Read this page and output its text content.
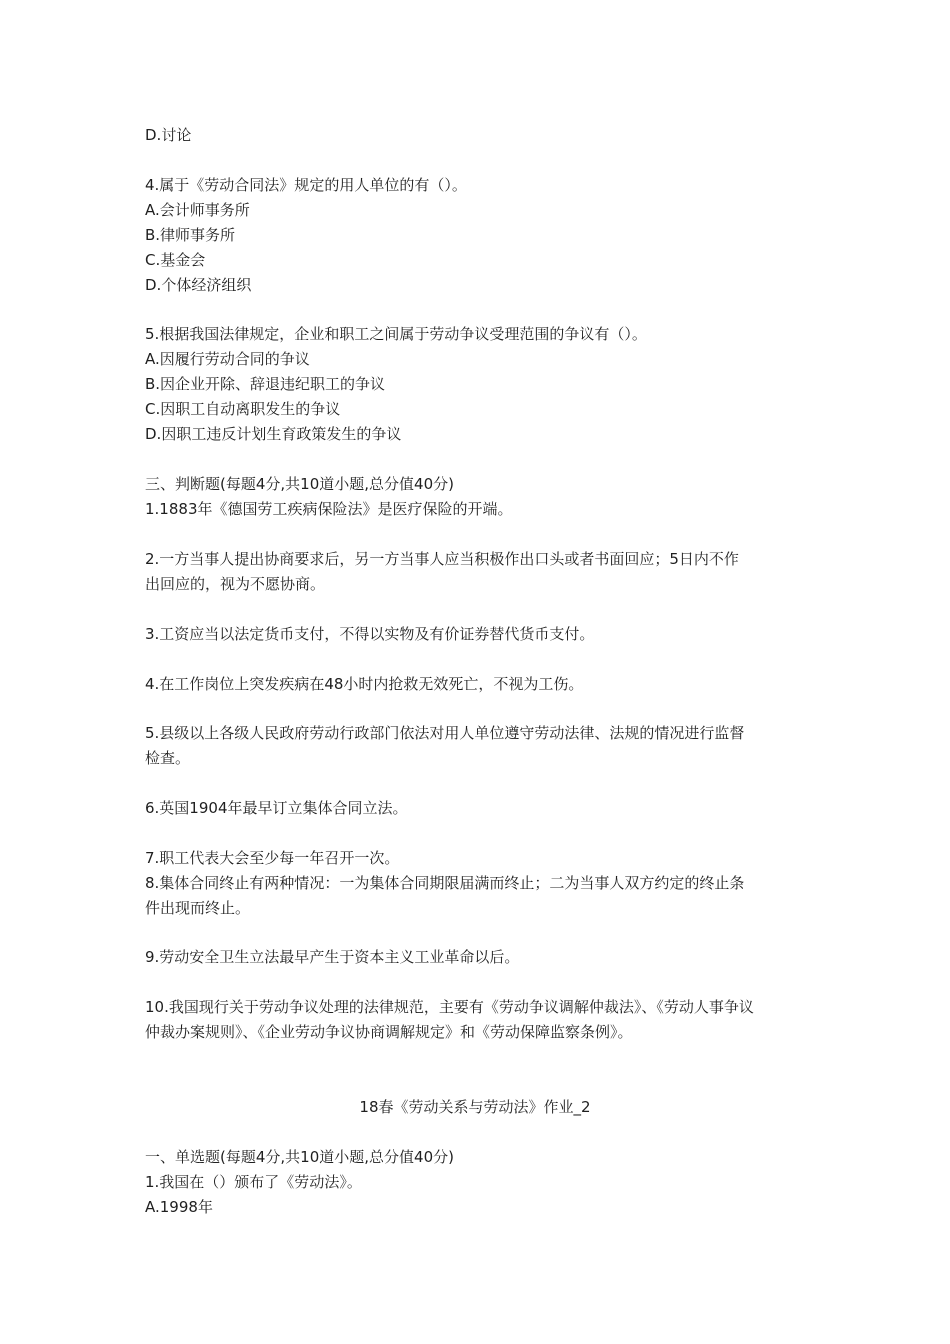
D.讨论
4.属于《劳动合同法》规定的用人单位的有（）。
A.会计师事务所
B.律师事务所
C.基金会
D.个体经济组织
5.根据我国法律规定，企业和职工之间属于劳动争议受理范围的争议有（）。
A.因履行劳动合同的争议
B.因企业开除、辞退违纪职工的争议
C.因职工自动离职发生的争议
D.因职工违反计划生育政策发生的争议
三、判断题(每题4分,共10道小题,总分值40分)
1.1883年《德国劳工疾病保险法》是医疗保险的开端。
2.一方当事人提出协商要求后，另一方当事人应当积极作出口头或者书面回应；5日内不作
出回应的，视为不愿协商。
3.工资应当以法定货币支付，不得以实物及有价证券替代货币支付。
4.在工作岗位上突发疾病在48小时内抢救无效死亡，不视为工伤。
5.县级以上各级人民政府劳动行政部门依法对用人单位遵守劳动法律、法规的情况进行监督
检查。
6.英国1904年最早订立集体合同立法。
7.职工代表大会至少每一年召开一次。
8.集体合同终止有两种情况：一为集体合同期限届满而终止；二为当事人双方约定的终止条
件出现而终止。
9.劳动安全卫生立法最早产生于资本主义工业革命以后。
10.我国现行关于劳动争议处理的法律规范，主要有《劳动争议调解仲裁法》、《劳动人事争议
仲裁办案规则》、《企业劳动争议协商调解规定》和《劳动保障监察条例》。
18春《劳动关系与劳动法》作业_2
一、单选题(每题4分,共10道小题,总分值40分)
1.我国在（）颁布了《劳动法》。
A.1998年
